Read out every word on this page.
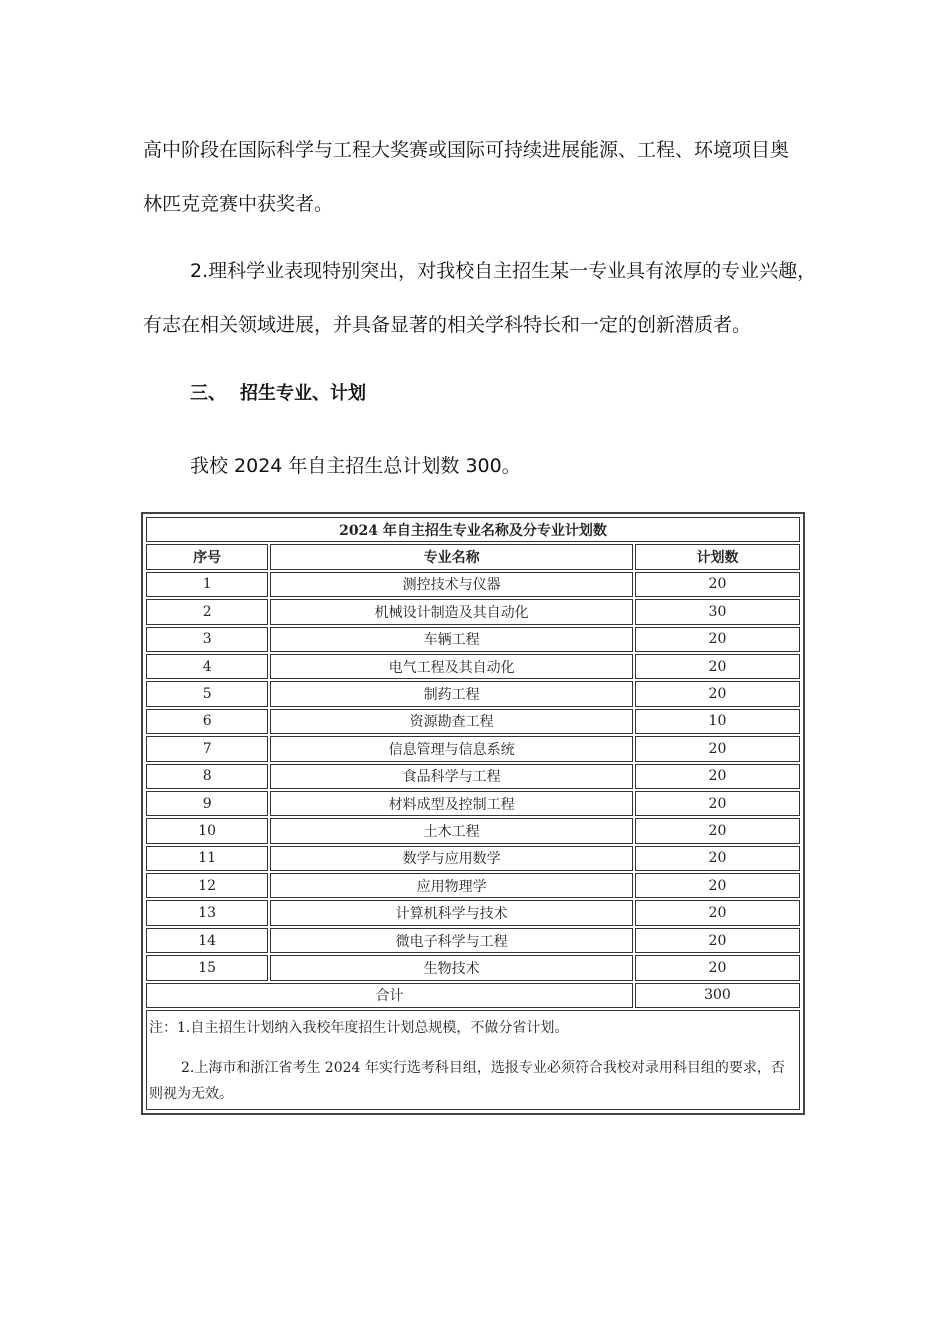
高中阶段在国际科学与工程大奖赛或国际可持续进展能源、工程、环境项目奥
林匹克竞赛中获奖者。
2.理科学业表现特别突出，对我校自主招生某一专业具有浓厚的专业兴趣，
有志在相关领域进展，并具备显著的相关学科特长和一定的创新潜质者。
三、 招生专业、计划

我校 2024 年自主招生总计划数 300。

2024 年自主招生专业名称及分专业计划数		
序号	专业名称	计划数
1	测控技术与仪器	20
2	机械设计制造及其自动化	30
3	车辆工程	20
4	电气工程及其自动化	20
5	制药工程	20
6	资源勘查工程	10
7	信息管理与信息系统	20
8	食品科学与工程	20
9	材料成型及控制工程	20
10	土木工程	20
11	数学与应用数学	20
12	应用物理学	20
13	计算机科学与技术	20
14	微电子科学与工程	20
15	生物技术	20
合计		300

注：1.自主招生计划纳入我校年度招生计划总规模，不做分省计划。

2.上海市和浙江省考生 2024 年实行选考科目组，选报专业必须符合我校对录用科目组的要求，否则视为无效。		
